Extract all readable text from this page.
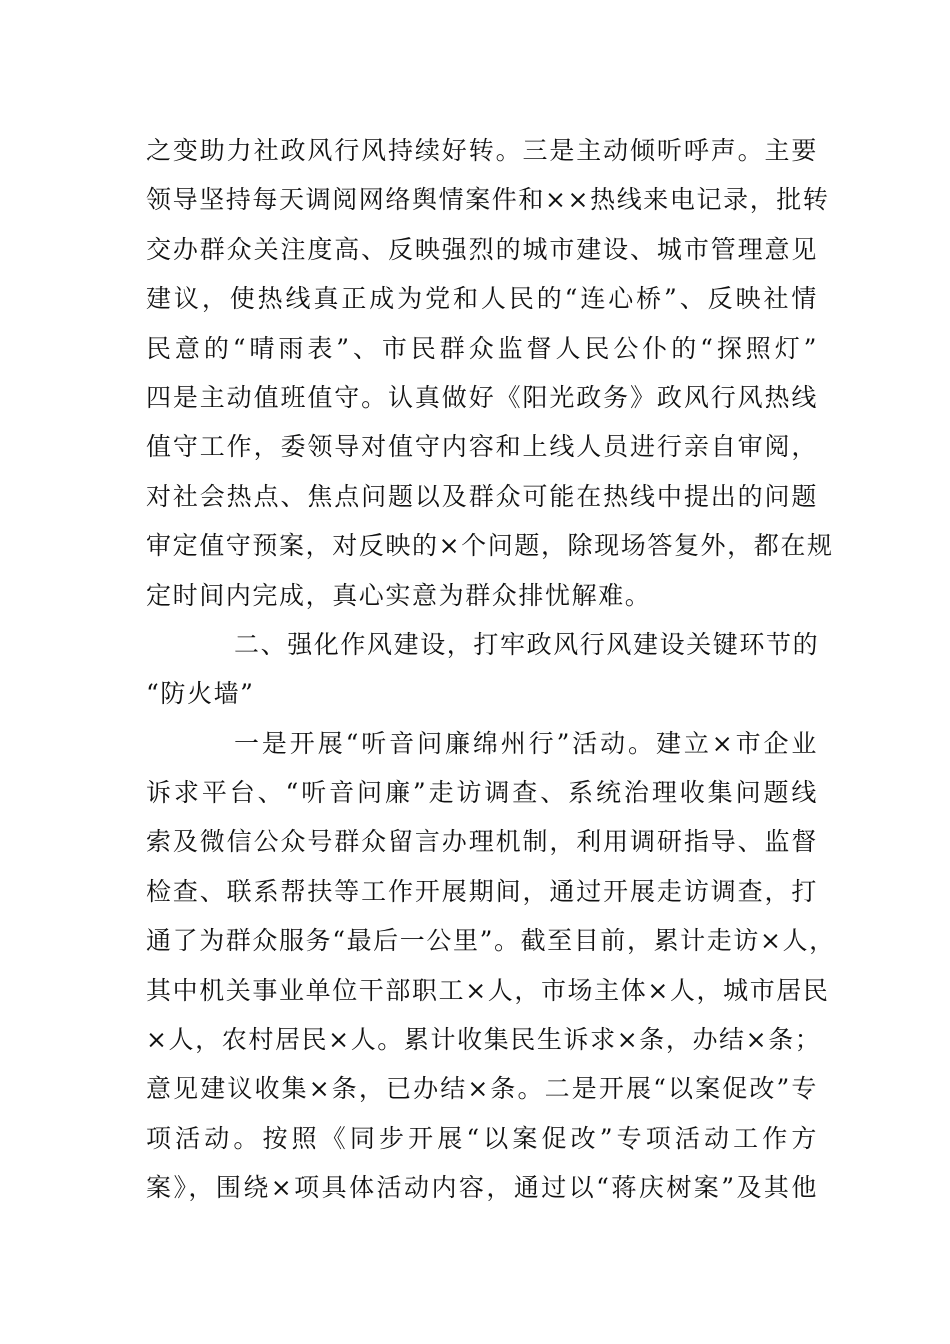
之变助力社政风行风持续好转。三是主动倾听呼声。主要
领导坚持每天调阅网络舆情案件和××热线来电记录，批转
交办群众关注度高、反映强烈的城市建设、城市管理意见
建议，使热线真正成为党和人民的“连心桥”、反映社情
民意的“晴雨表”、市民群众监督人民公仆的“探照灯”
四是主动值班值守。认真做好《阳光政务》政风行风热线
值守工作，委领导对值守内容和上线人员进行亲自审阅，
对社会热点、焦点问题以及群众可能在热线中提出的问题
审定值守预案，对反映的×个问题，除现场答复外，都在规
定时间内完成，真心实意为群众排忧解难。
二、强化作风建设，打牢政风行风建设关键环节的
“防火墙”
一是开展“听音问廉绵州行”活动。建立×市企业
诉求平台、“听音问廉”走访调查、系统治理收集问题线
索及微信公众号群众留言办理机制，利用调研指导、监督
检查、联系帮扶等工作开展期间，通过开展走访调查，打
通了为群众服务“最后一公里”。截至目前，累计走访×人，
其中机关事业单位干部职工×人，市场主体×人，城市居民
×人，农村居民×人。累计收集民生诉求×条，办结×条；
意见建议收集×条，已办结×条。二是开展“以案促改”专
项活动。按照《同步开展“以案促改”专项活动工作方
案》，围绕×项具体活动内容，通过以“蒋庆树案”及其他
